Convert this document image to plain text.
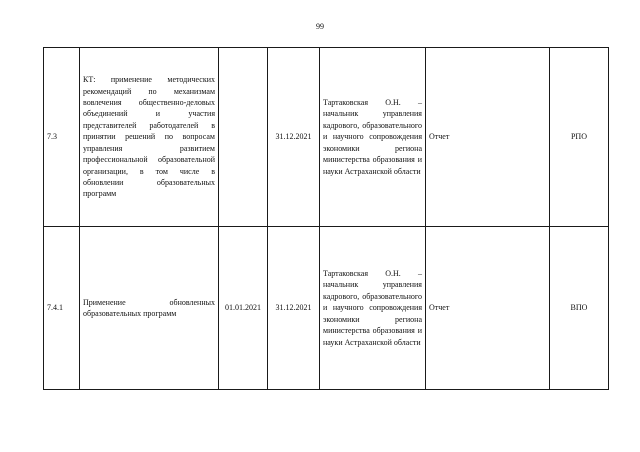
99
7.3	КТ: применение методических рекомендаций по механизмам вовлечения общественно-деловых объединений и участия представителей работодателей в принятии решений по вопросам управления развитием профессиональной образовательной организации, в том числе в обновлении образовательных программ		31.12.2021	Тартаковская О.Н. – начальник управления кадрового, образовательного и научного сопровождения экономики региона министерства образования и науки Астраханской области	Отчет	РПО
7.4.1	Применение обновленных образовательных программ	01.01.2021	31.12.2021	Тартаковская О.Н. – начальник управления кадрового, образовательного и научного сопровождения экономики региона министерства образования и науки Астраханской области	Отчет	ВПО
